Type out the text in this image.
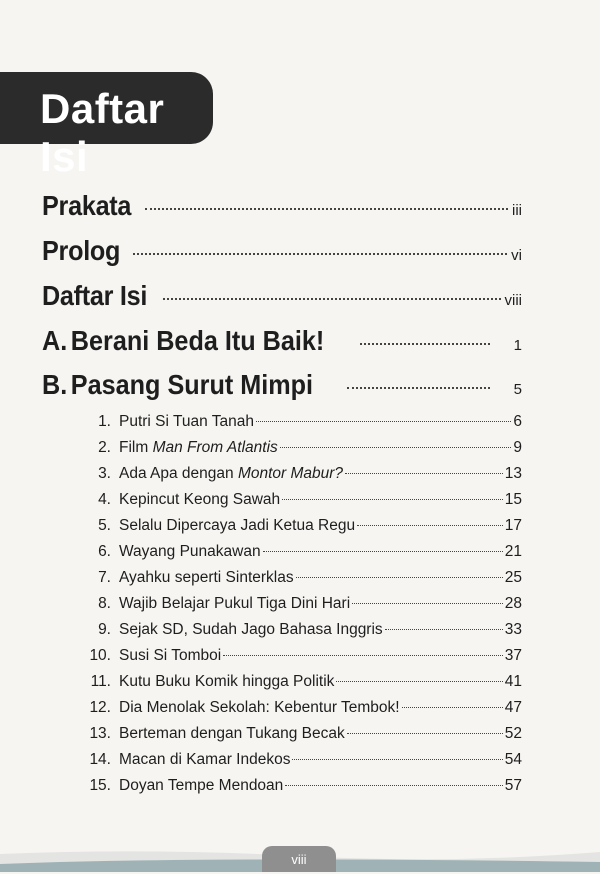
Daftar Isi
Prakata	iii
Prolog	vi
Daftar Isi	viii
A. Berani Beda Itu Baik!	1
B. Pasang Surut Mimpi	5
1. Putri Si Tuan Tanah	6
2. Film Man From Atlantis	9
3. Ada Apa dengan Montor Mabur?	13
4. Kepincut Keong Sawah	15
5. Selalu Dipercaya Jadi Ketua Regu	17
6. Wayang Punakawan	21
7. Ayahku seperti Sinterklas	25
8. Wajib Belajar Pukul Tiga Dini Hari	28
9. Sejak SD, Sudah Jago Bahasa Inggris	33
10. Susi Si Tomboi	37
11. Kutu Buku Komik hingga Politik	41
12. Dia Menolak Sekolah: Kebentur Tembok!	47
13. Berteman dengan Tukang Becak	52
14. Macan di Kamar Indekos	54
15. Doyan Tempe Mendoan	57
viii
